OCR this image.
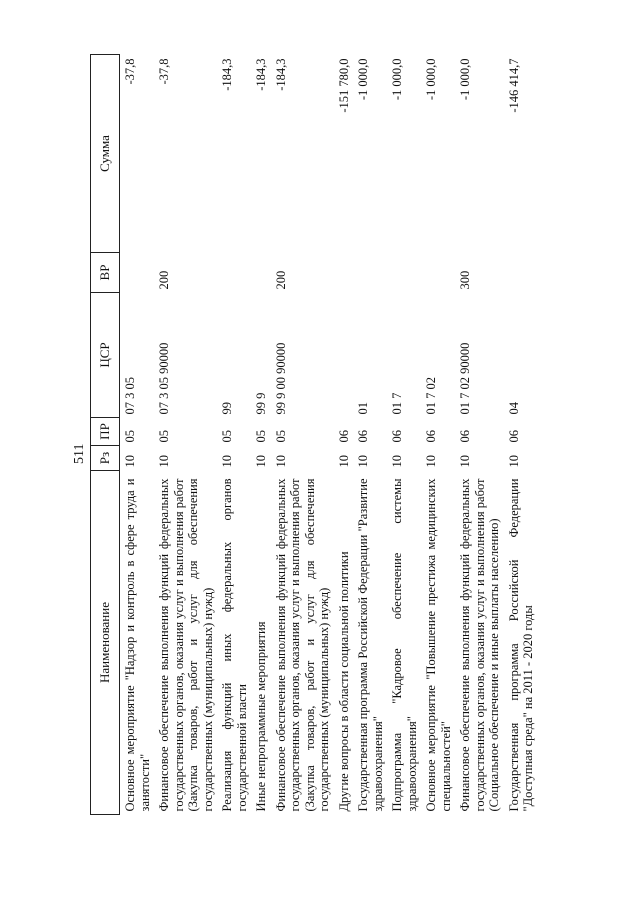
511
Наименование	Рз	ПР	ЦСР	ВР	Сумма
Основное мероприятие "Надзор и контроль в сфере труда и занятости"	10	05	07 3 05		-37,8
Финансовое обеспечение выполнения функций федеральных государственных органов, оказания услуг и выполнения работ (Закупка товаров, работ и услуг для обеспечения государственных (муниципальных) нужд)	10	05	07 3 05 90000	200	-37,8
Реализация функций иных федеральных органов государственной власти	10	05	99		-184,3
Иные непрограммные мероприятия	10	05	99 9		-184,3
Финансовое обеспечение выполнения функций федеральных государственных органов, оказания услуг и выполнения работ (Закупка товаров, работ и услуг для обеспечения государственных (муниципальных) нужд)	10	05	99 9 00 90000	200	-184,3
Другие вопросы в области социальной политики	10	06			-151 780,0
Государственная программа Российской Федерации "Развитие здравоохранения"	10	06	01		-1 000,0
Подпрограмма "Кадровое обеспечение системы здравоохранения"	10	06	01 7		-1 000,0
Основное мероприятие "Повышение престижа медицинских специальностей"	10	06	01 7 02		-1 000,0
Финансовое обеспечение выполнения функций федеральных государственных органов, оказания услуг и выполнения работ (Социальное обеспечение и иные выплаты населению)	10	06	01 7 02 90000	300	-1 000,0
Государственная программа Российской Федерации "Доступная среда" на 2011 - 2020 годы	10	06	04		-146 414,7
